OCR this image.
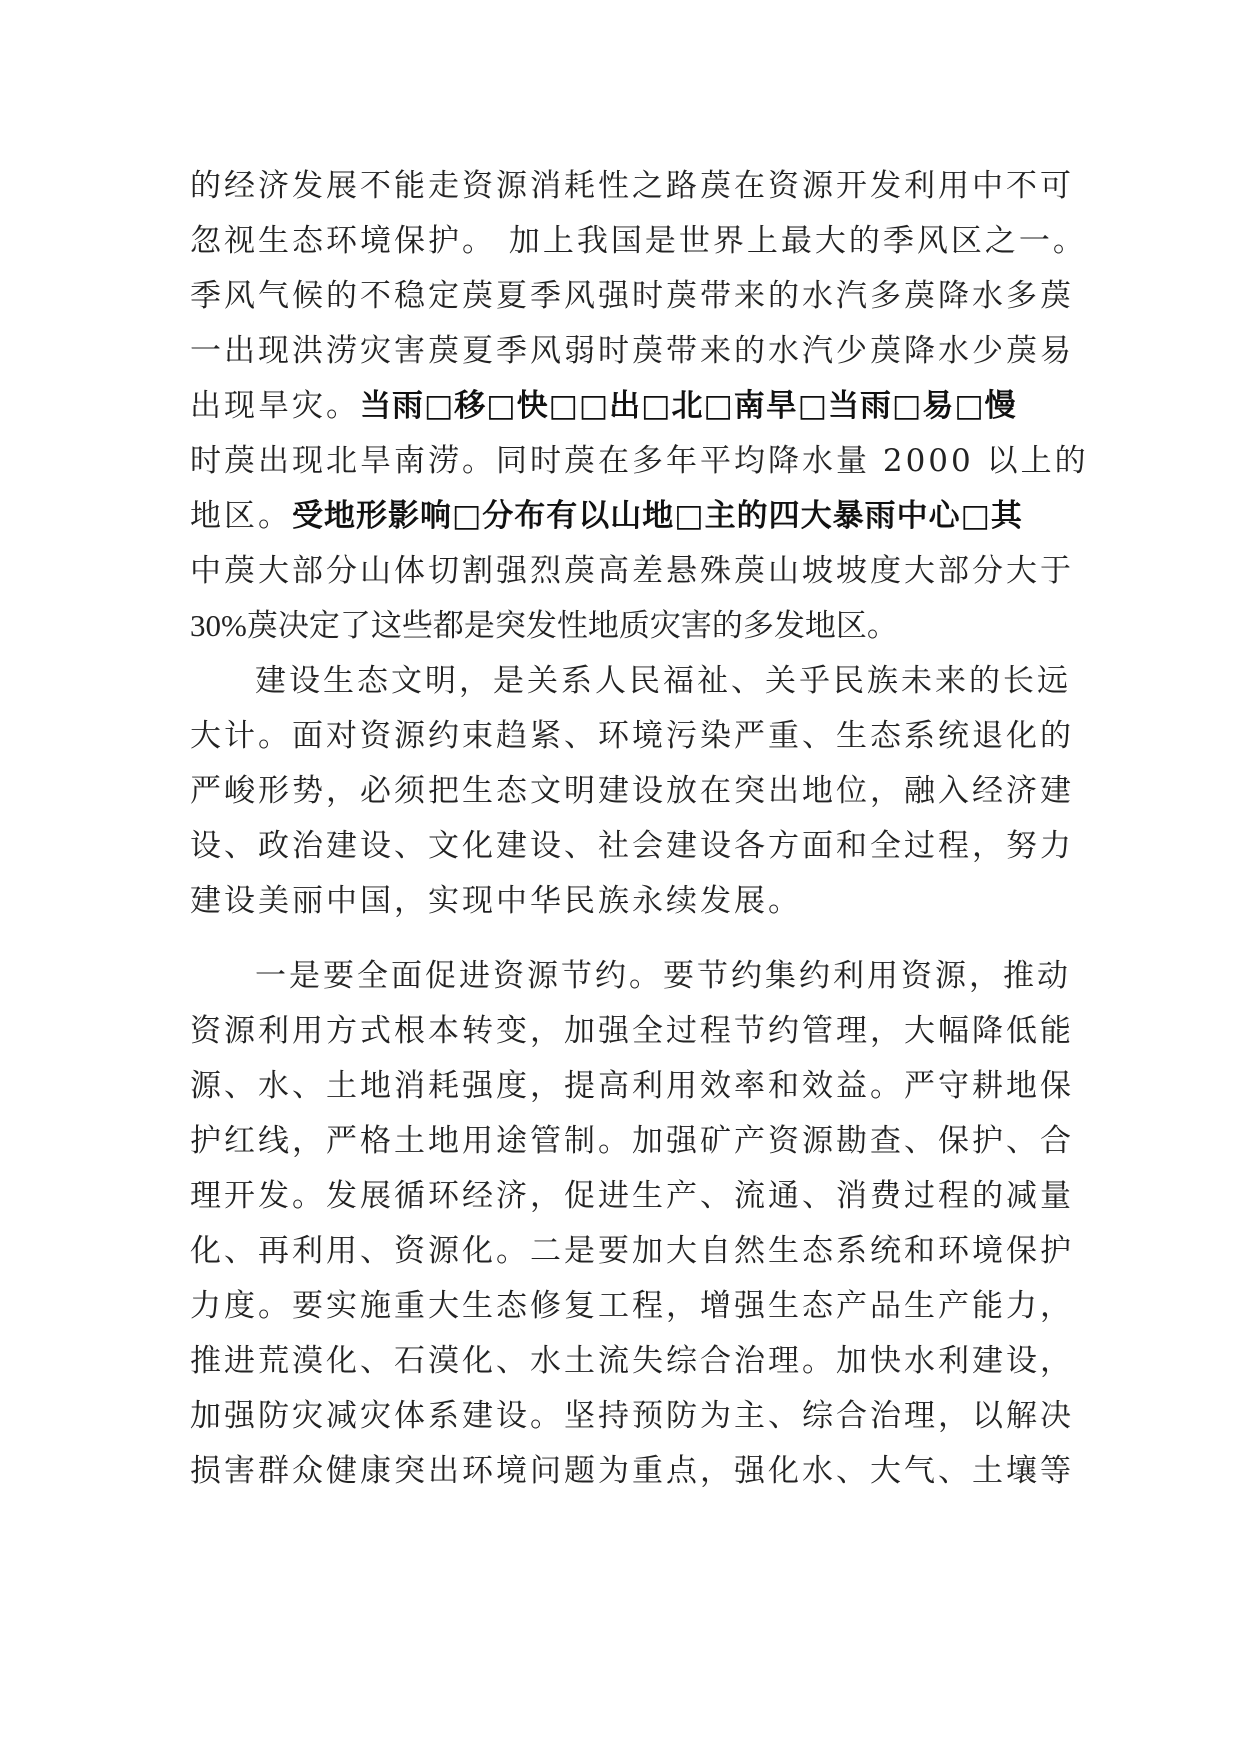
的经济发展不能走资源消耗性之路䓞在资源开发利用中不可
忽视生态环境保护。 加上我国是世界上最大的季风区之一。
季风气候的不稳定䓞夏季风强时䓞带来的水汽多䓞降水多䓞
一出现洪涝灾害䓞夏季风弱时䓞带来的水汽少䓞降水少䓞易
出现旱灾。当雨□移□快□□出□北□南旱□当雨□易□慢
时䓞出现北旱南涝。同时䓞在多年平均降水量 2000 以上的
地区。受地形影响□分布有以山地□主的四大暴雨中心□其
中䓞大部分山体切割强烈䓞高差悬殊䓞山坡坡度大部分大于
30%䓞决定了这些都是突发性地质灾害的多发地区。
建设生态文明，是关系人民福祉、关乎民族未来的长远
大计。面对资源约束趋紧、环境污染严重、生态系统退化的
严峻形势，必须把生态文明建设放在突出地位，融入经济建
设、政治建设、文化建设、社会建设各方面和全过程，努力
建设美丽中国，实现中华民族永续发展。
一是要全面促进资源节约。要节约集约利用资源，推动
资源利用方式根本转变，加强全过程节约管理，大幅降低能
源、水、土地消耗强度，提高利用效率和效益。严守耕地保
护红线，严格土地用途管制。加强矿产资源勘查、保护、合
理开发。发展循环经济，促进生产、流通、消费过程的减量
化、再利用、资源化。二是要加大自然生态系统和环境保护
力度。要实施重大生态修复工程，增强生态产品生产能力，
推进荒漠化、石漠化、水土流失综合治理。加快水利建设，
加强防灾减灾体系建设。坚持预防为主、综合治理，以解决
损害群众健康突出环境问题为重点，强化水、大气、土壤等
